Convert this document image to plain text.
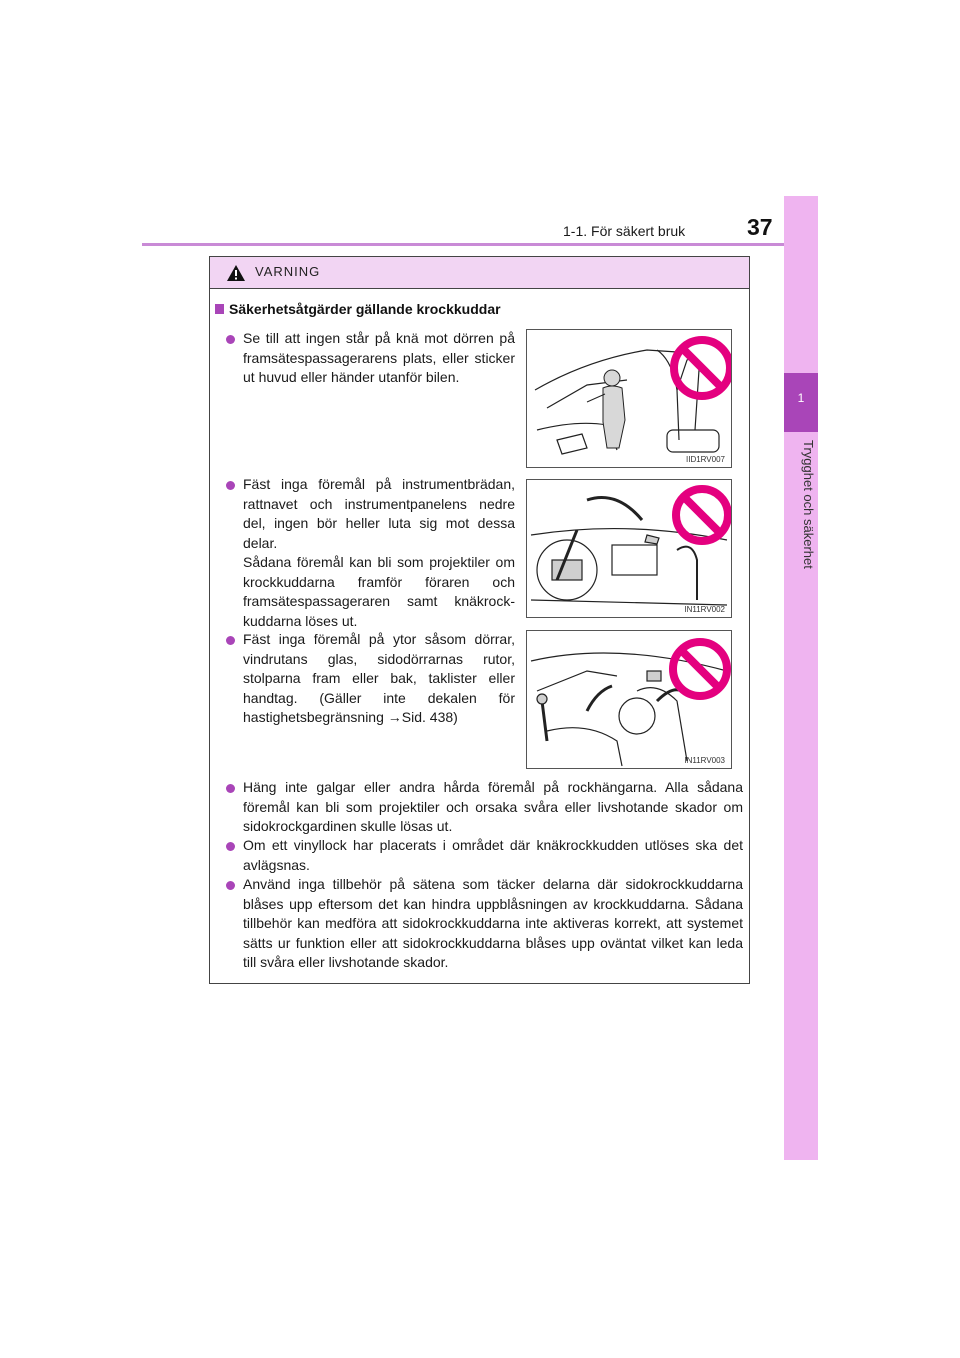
1-1. För säkert bruk	37
1
Trygghet och säkerhet
VARNING
Säkerhetsåtgärder gällande krockkuddar
Se till att ingen står på knä mot dörren på framsätespassagerarens plats, eller sticker ut huvud eller händer utanför bilen.
Fäst inga föremål på instrumentbrädan, rattnavet och instrumentpanelens nedre del, ingen bör heller luta sig mot dessa delar.
Sådana föremål kan bli som projektiler om krockkuddarna framför föraren och framsätespassageraren samt knäkrock-kuddarna löses ut.
Fäst inga föremål på ytor såsom dörrar, vindrutans glas, sidodörrarnas rutor, stolparna fram eller bak, taklister eller handtag. (Gäller inte dekalen för hastighetsbegränsning →Sid. 438)
Häng inte galgar eller andra hårda föremål på rockhängarna. Alla sådana föremål kan bli som projektiler och orsaka svåra eller livshotande skador om sidokrockgardinen skulle lösas ut.
Om ett vinyllock har placerats i området där knäkrockkudden utlöses ska det avlägsnas.
Använd inga tillbehör på sätena som täcker delarna där sidokrockkuddarna blåses upp eftersom det kan hindra uppblåsningen av krockkuddarna. Sådana tillbehör kan medföra att sidokrockkuddarna inte aktiveras korrekt, att systemet sätts ur funktion eller att sidokrockkuddarna blåses upp oväntat vilket kan leda till svåra eller livshotande skador.
IID1RV007
IN11RV002
IN11RV003
